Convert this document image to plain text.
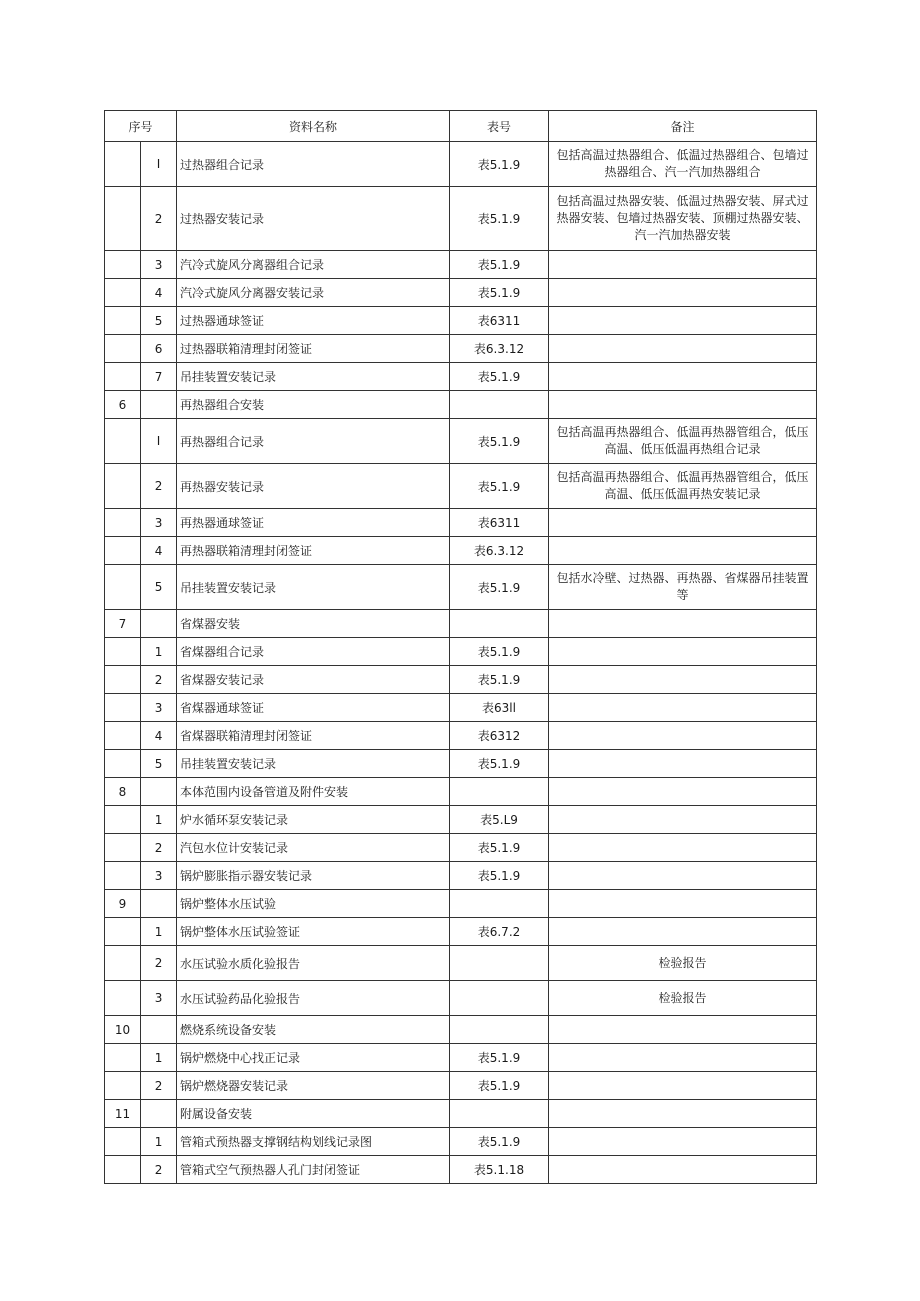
序号		资料名称	表号	备注
	I	过热器组合记录	表5.1.9	包括高温过热器组合、低温过热器组合、包墙过热器组合、汽一汽加热器组合
	2	过热器安装记录	表5.1.9	包括高温过热器安装、低温过热器安装、屏式过热器安装、包墙过热器安装、顶棚过热器安装、汽一汽加热器安装
	3	汽冷式旋风分离器组合记录	表5.1.9	
	4	汽冷式旋风分离器安装记录	表5.1.9	
	5	过热器通球签证	表6311	
	6	过热器联箱清理封闭签证	表6.3.12	
	7	吊挂装置安装记录	表5.1.9	
6		再热器组合安装		
	I	再热器组合记录	表5.1.9	包括高温再热器组合、低温再热器管组合，低压高温、低压低温再热组合记录
	2	再热器安装记录	表5.1.9	包括高温再热器组合、低温再热器管组合，低压高温、低压低温再热安装记录
	3	再热器通球签证	表6311	
	4	再热器联箱清理封闭签证	表6.3.12	
	5	吊挂装置安装记录	表5.1.9	包括水冷壁、过热器、再热器、省煤器吊挂装置等
7		省煤器安装		
	1	省煤器组合记录	表5.1.9	
	2	省煤器安装记录	表5.1.9	
	3	省煤器通球签证	表63ll	
	4	省煤器联箱清理封闭签证	表6312	
	5	吊挂装置安装记录	表5.1.9	
8		本体范围内设备管道及附件安装		
	1	炉水循环泵安装记录	表5.L9	
	2	汽包水位计安装记录	表5.1.9	
	3	锅炉膨胀指示器安装记录	表5.1.9	
9		锅炉整体水压试验		
	1	锅炉整体水压试验签证	表6.7.2	
	2	水压试验水质化验报告		检验报告
	3	水压试验药品化验报告		检验报告
10		燃烧系统设备安装		
	1	锅炉燃烧中心找正记录	表5.1.9	
	2	锅炉燃烧器安装记录	表5.1.9	
11		附属设备安装		
	1	管箱式预热器支撑钢结构划线记录图	表5.1.9	
	2	管箱式空气预热器人孔门封闭签证	表5.1.18	
